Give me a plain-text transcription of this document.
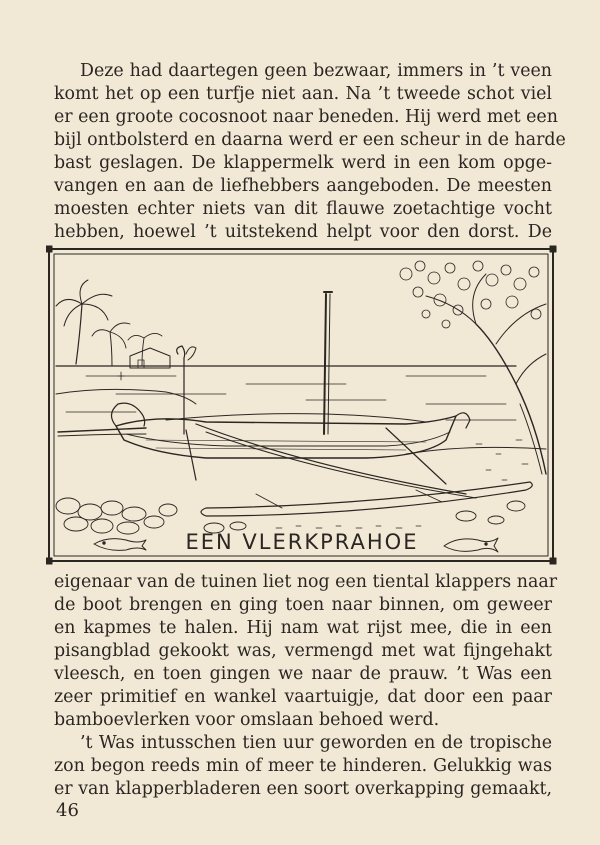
Deze had daartegen geen bezwaar, immers in ’t veen
komt het op een turfje niet aan. Na ’t tweede schot viel
er een groote cocosnoot naar beneden. Hij werd met een
bijl ontbolsterd en daarna werd er een scheur in de harde
bast geslagen. De klappermelk werd in een kom opge-
vangen en aan de liefhebbers aangeboden. De meesten
moesten echter niets van dit flauwe zoetachtige vocht
hebben, hoewel ’t uitstekend helpt voor den dorst. De

EEN VLERKPRAHOE

eigenaar van de tuinen liet nog een tiental klappers naar
de boot brengen en ging toen naar binnen, om geweer
en kapmes te halen. Hij nam wat rijst mee, die in een
pisangblad gekookt was, vermengd met wat fijngehakt
vleesch, en toen gingen we naar de prauw. ’t Was een
zeer primitief en wankel vaartuigje, dat door een paar
bamboevlerken voor omslaan behoed werd.

’t Was intusschen tien uur geworden en de tropische
zon begon reeds min of meer te hinderen. Gelukkig was
er van klapperbladeren een soort overkapping gemaakt,

46
